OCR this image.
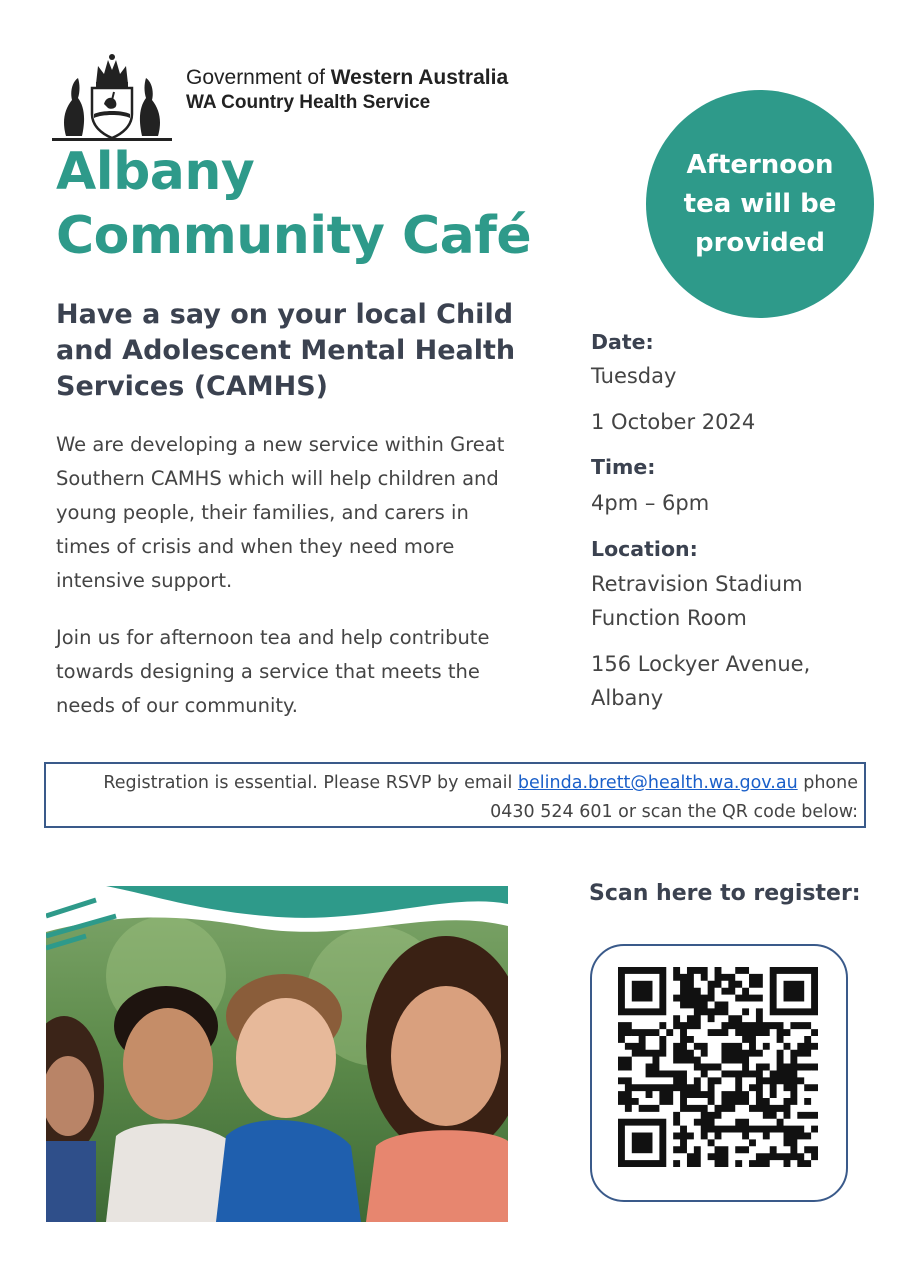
Government of Western Australia
WA Country Health Service
Albany
Community Café
Afternoon
tea will be
provided
Have a say on your local Child
and Adolescent Mental Health
Services (CAMHS)
We are developing a new service within Great
Southern CAMHS which will help children and
young people, their families, and carers in
times of crisis and when they need more
intensive support.
Join us for afternoon tea and help contribute
towards designing a service that meets the
needs of our community.
Date:
Tuesday
1 October 2024
Time:
4pm – 6pm
Location:
Retravision Stadium
Function Room
156 Lockyer Avenue,
Albany
Registration is essential. Please RSVP by email belinda.brett@health.wa.gov.au phone
0430 524 601 or scan the QR code below:
Scan here to register:
